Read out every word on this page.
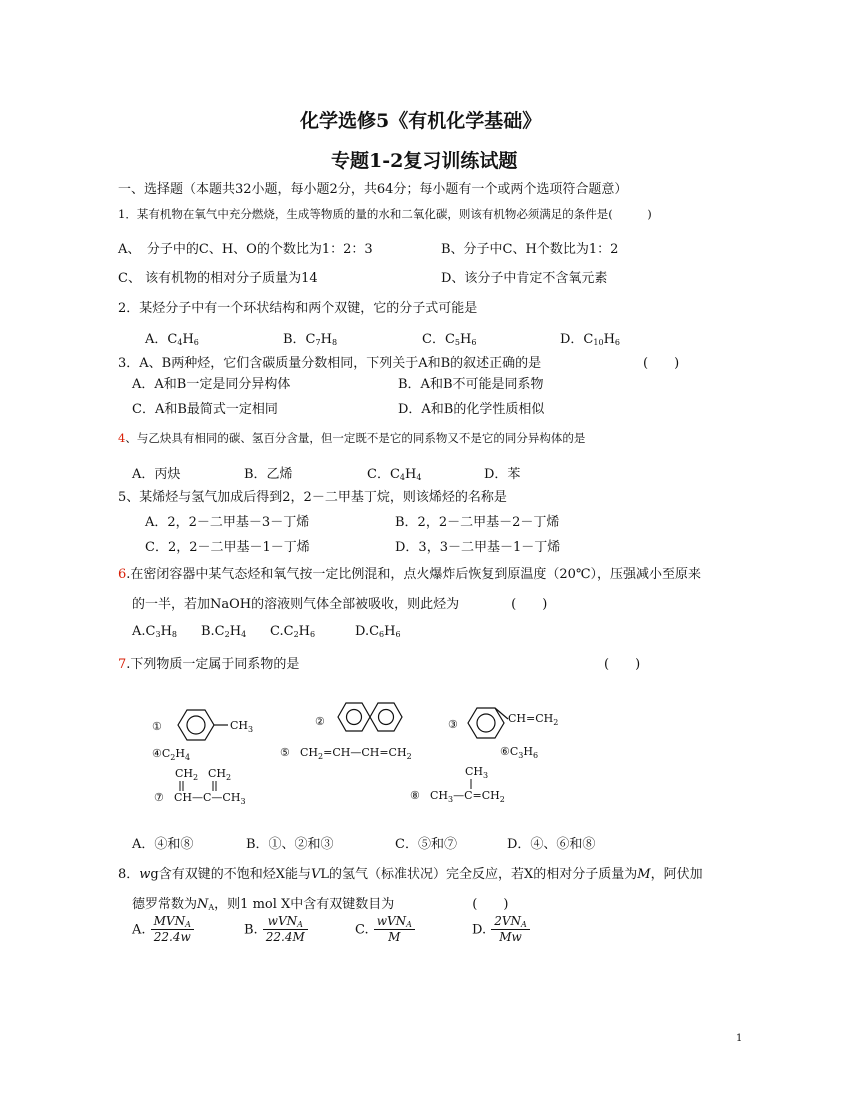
化学选修5《有机化学基础》
专题1-2复习训练试题
一、选择题（本题共32小题，每小题2分，共64分；每小题有一个或两个选项符合题意）
1．某有机物在氧气中充分燃烧，生成等物质的量的水和二氧化碳，则该有机物必须满足的条件是(　　　)
A、　分子中的C、H、O的个数比为1：2：3	B、分子中C、H个数比为1：2
C、 该有机物的相对分子质量为14	D、该分子中肯定不含氧元素
2．某烃分子中有一个环状结构和两个双键，它的分子式可能是
A．$C_4H_6$	B．$C_7H_8$	C．$C_5H_6$	D．$C_{10}H_6$
3．A、B两种烃，它们含碳质量分数相同，下列关于A和B的叙述正确的是	(　　)
A．A和B一定是同分异构体	B．A和B不可能是同系物
C．A和B最简式一定相同	D．A和B的化学性质相似
4、与乙炔具有相同的碳、氢百分含量，但一定既不是它的同系物又不是它的同分异构体的是
A．丙炔	B．乙烯	C．$C_4H_4$	D．苯
5、某烯烃与氢气加成后得到2，2－二甲基丁烷，则该烯烃的名称是
A．2，2－二甲基－3－丁烯	B．2，2－二甲基－2－丁烯
C．2，2－二甲基－1－丁烯	D．3，3－二甲基－1－丁烯
6.在密闭容器中某气态烃和氧气按一定比例混和，点火爆炸后恢复到原温度（20℃），压强减小至原来
的一半，若加NaOH的溶液则气体全部被吸收，则此烃为　　　　(　　)
$A.C_3H_8$ $B.C_2H_4$ $C.C_2H_6$	$D.C_6H_6$
7.下列物质一定属于同系物的是	(　　)
①	$CH_3$
$④C_2H_4$
②
⑤ $CH_2=CH—CH=CH_2$
③	$CH=CH_2$
$⑥C_3H_6$
$CH_2$ $CH_2$
⑦ $CH—C—CH_3$
$CH_3$
⑧ $CH_3—C=CH_2$
A．④和⑧	B．①、②和③	C．⑤和⑦	D．④、⑥和⑧
8．wg含有双键的不饱和烃X能与VL的氢气（标准状况）完全反应，若X的相对分子质量为M，阿伏加
德罗常数为$N_A$，则1 mol X中含有双键数目为　　　　　　(　　)
A. $\frac{MVN_A}{22.4w}$	B. $\frac{wVN_A}{22.4M}$	C. $\frac{wVN_A}{M}$	D. $\frac{2VN_A}{Mw}$
1
